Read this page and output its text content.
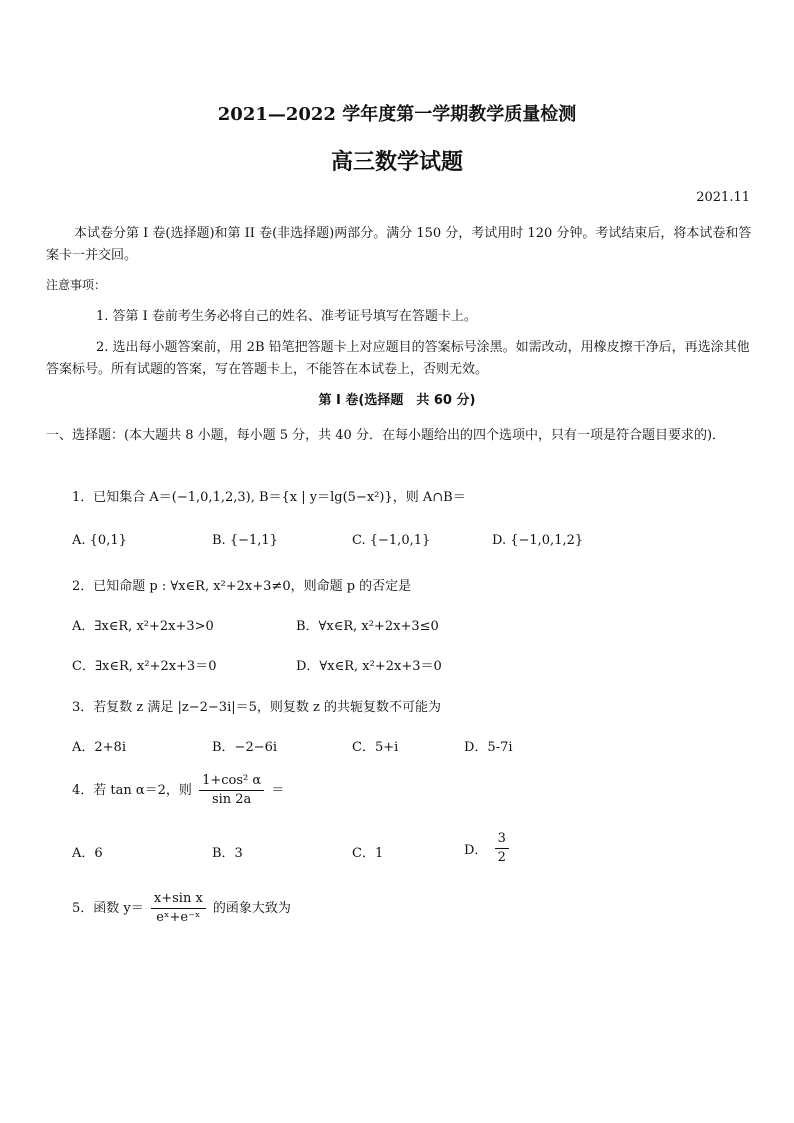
2021—2022 学年度第一学期教学质量检测
高三数学试题
2021.11
本试卷分第 I 卷(选择题)和第 II 卷(非选择题)两部分。满分 150 分，考试用时 120 分钟。考试结束后，将本试卷和答案卡一并交回。
注意事项：
1. 答第 I 卷前考生务必将自己的姓名、准考证号填写在答题卡上。
2. 选出每小题答案前，用 2B 铅笔把答题卡上对应题目的答案标号涂黑。如需改动，用橡皮擦干净后，再选涂其他答案标号。所有试题的答案，写在答题卡上，不能答在本试卷上，否则无效。
第 I 卷(选择题　共 60 分)
一、选择题：(本大题共 8 小题，每小题 5 分，共 40 分．在每小题给出的四个选项中，只有一项是符合题目要求的)．
1．已知集合 A＝(−1,0,1,2,3), B＝{x | y＝lg(5−x²)}，则 A∩B＝
A. {0,1}	B. {−1,1}	C. {−1,0,1}	D. {−1,0,1,2}
2．已知命题 p : ∀x∈R, x²+2x+3≠0，则命题 p 的否定是
A．∃x∈R, x²+2x+3>0	B．∀x∈R, x²+2x+3≤0
C．∃x∈R, x²+2x+3＝0	D．∀x∈R, x²+2x+3＝0
3．若复数 z 满足 |z−2−3i|＝5，则复数 z 的共轭复数不可能为
A．2+8i	B．−2−6i	C．5+i	D．5-7i
4．若 tan α＝2，则 $\frac{\text{1+cos² α}}{\sin 2a}$ ＝
A．6	B．3	C．1	D． $\frac{3}{2}$
5．函数 $y= \frac{\text{x+sin x}}{\text{eˣ+e⁻ˣ}}$ 的函象大致为
